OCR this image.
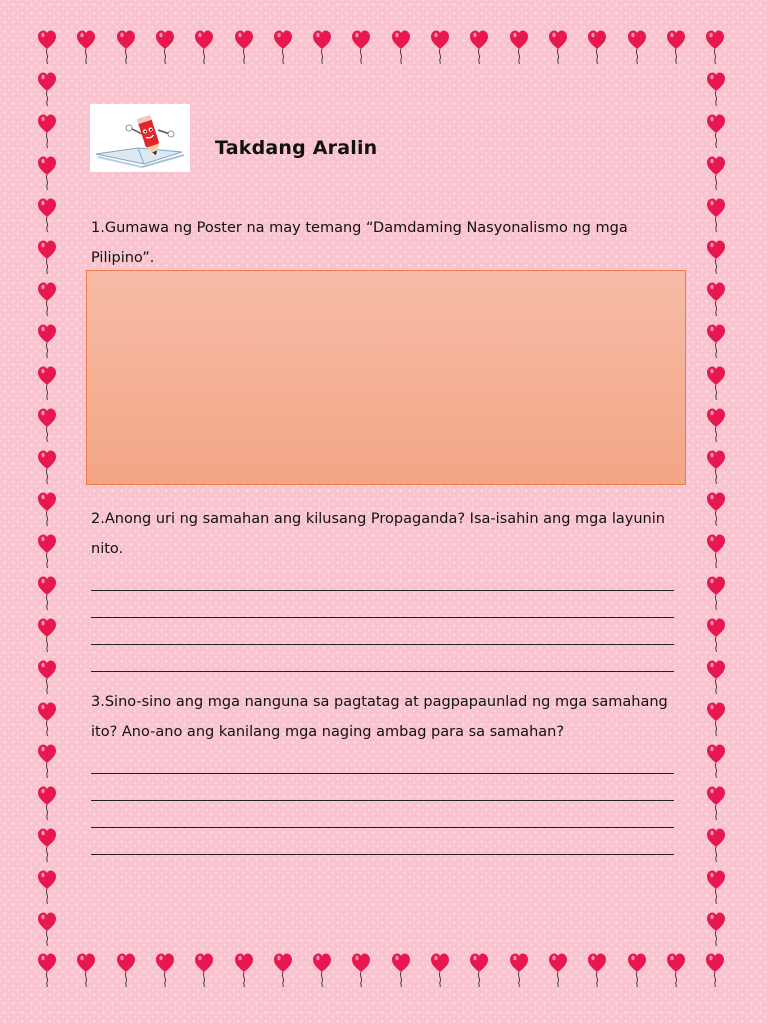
Takdang Aralin
1.Gumawa ng Poster na may temang “Damdaming Nasyonalismo ng mga Pilipino”.
2.Anong uri ng samahan ang kilusang Propaganda? Isa-isahin ang mga layunin nito.
3.Sino-sino ang mga nanguna sa pagtatag at pagpapaunlad ng mga samahang ito? Ano-ano ang kanilang mga naging ambag para sa samahan?
